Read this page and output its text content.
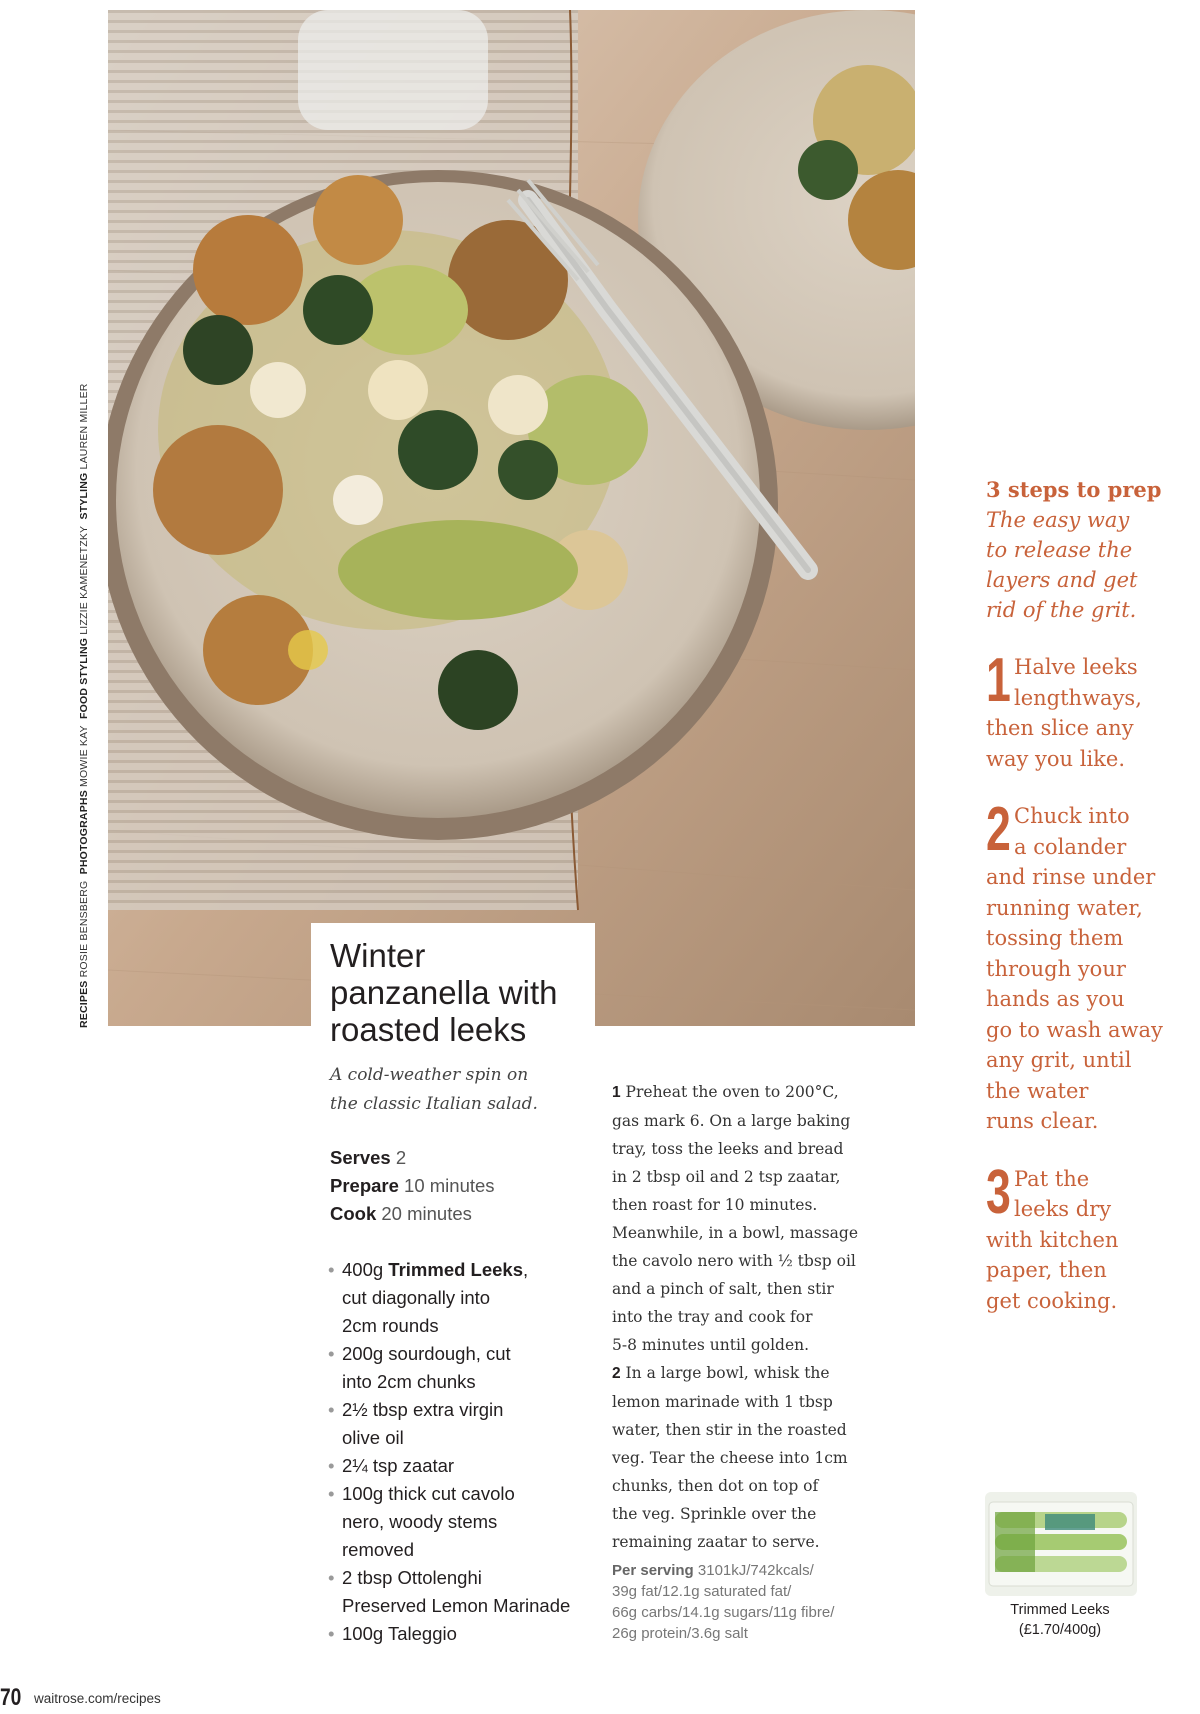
RECIPES ROSIE BENSBERG  PHOTOGRAPHS MOWIE KAY  FOOD STYLING LIZZIE KAMENETZKY  STYLING LAUREN MILLER
Winter
panzanella with
roasted leeks
A cold-weather spin on
the classic Italian salad.
Serves 2
Prepare 10 minutes
Cook 20 minutes
• 400g Trimmed Leeks,
cut diagonally into
2cm rounds
• 200g sourdough, cut
into 2cm chunks
• 2½ tbsp extra virgin
olive oil
• 2¼ tsp zaatar
• 100g thick cut cavolo
nero, woody stems
removed
• 2 tbsp Ottolenghi
Preserved Lemon Marinade
• 100g Taleggio
1 Preheat the oven to 200°C,
gas mark 6. On a large baking
tray, toss the leeks and bread
in 2 tbsp oil and 2 tsp zaatar,
then roast for 10 minutes.
Meanwhile, in a bowl, massage
the cavolo nero with ½ tbsp oil
and a pinch of salt, then stir
into the tray and cook for
5-8 minutes until golden.
2 In a large bowl, whisk the
lemon marinade with 1 tbsp
water, then stir in the roasted
veg. Tear the cheese into 1cm
chunks, then dot on top of
the veg. Sprinkle over the
remaining zaatar to serve.
Per serving 3101kJ/742kcals/
39g fat/12.1g saturated fat/
66g carbs/14.1g sugars/11g fibre/
26g protein/3.6g salt
3 steps to prep
The easy way
to release the
layers and get
rid of the grit.
1 Halve leeks
lengthways,
then slice any
way you like.
2 Chuck into
a colander
and rinse under
running water,
tossing them
through your
hands as you
go to wash away
any grit, until
the water
runs clear.
3 Pat the
leeks dry
with kitchen
paper, then
get cooking.
Trimmed Leeks
(£1.70/400g)
70 waitrose.com/recipes
